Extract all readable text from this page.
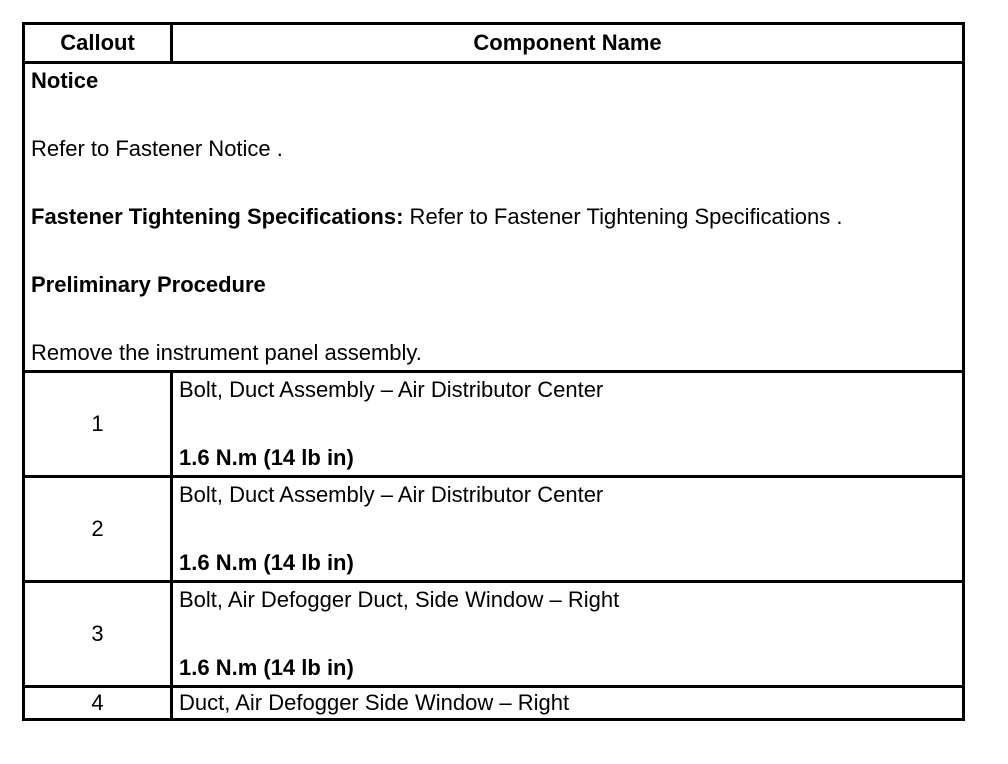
Callout	Component Name

Notice

Refer to Fastener Notice .

Fastener Tightening Specifications: Refer to Fastener Tightening Specifications .

Preliminary Procedure

Remove the instrument panel assembly.	

1	Bolt, Duct Assembly – Air Distributor Center

1.6 N.m (14 lb in)

2	Bolt, Duct Assembly – Air Distributor Center

1.6 N.m (14 lb in)

3	Bolt, Air Defogger Duct, Side Window – Right

1.6 N.m (14 lb in)

4	Duct, Air Defogger Side Window – Right
